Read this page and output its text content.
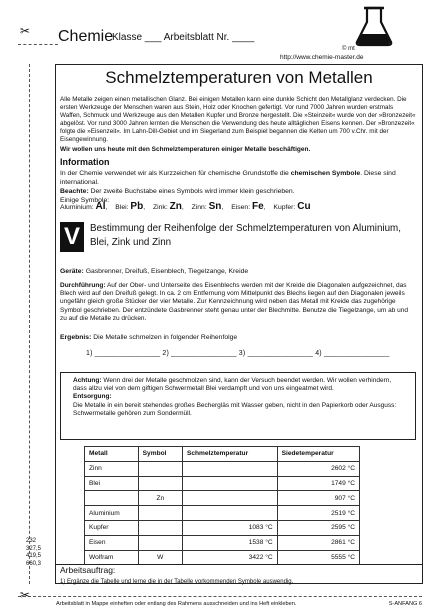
✂
✂
Chemie
Klasse ___ Arbeitsblatt Nr. ____
© mt
http://www.chemie-master.de
Schmelztemperaturen von Metallen
Alle Metalle zeigen einen metallischen Glanz. Bei einigen Metallen kann eine dunkle Schicht den Metallglanz verdecken. Die ersten Werkzeuge der Menschen waren aus Stein, Holz oder Knochen gefertigt. Vor rund 7000 Jahren wurden erstmals Waffen, Schmuck und Werkzeuge aus den Metallen Kupfer und Bronze hergestellt. Die »Steinzeit« wurde von der »Bronzezeit« abgelöst. Vor rund 3000 Jahren lernten die Menschen die Verwendung des heute alltäglichen Eisens kennen. Der »Bronzezeit« folgte die »Eisenzeit«. Im Lahn-Dill-Gebiet und im Siegerland zum Beispiel begannen die Kelten um 700 v.Chr. mit der Eisengewinnung.
Wir wollen uns heute mit den Schmelztemperaturen einiger Metalle beschäftigen.
Information
In der Chemie verwendet wir als Kurzzeichen für chemische Grundstoffe die chemischen Symbole. Diese sind international.
Beachte: Der zweite Buchstabe eines Symbols wird immer klein geschrieben.
Einige Symbole:
Aluminium: Al, Blei: Pb, Zink: Zn, Zinn: Sn, Eisen: Fe, Kupfer: Cu
V	Bestimmung der Reihenfolge der Schmelztemperaturen von Aluminium, Blei, Zink und Zinn
Geräte: Gasbrenner, Dreifuß, Eisenblech, Tiegelzange, Kreide
Durchführung: Auf der Ober- und Unterseite des Eisenblechs werden mit der Kreide die Diagonalen aufgezeichnet, das Blech wird auf den Dreifuß gelegt. In ca. 2 cm Entfernung vom Mittelpunkt des Blechs liegen auf den Diagonalen jeweils ungefähr gleich große Stücker der vier Metalle. Zur Kennzeichnung wird neben das Metall mit Kreide das zugehörige Symbol geschrieben. Der entzündete Gasbrenner steht genau unter der Blechmitte. Benutze die Tiegelzange, um ab und zu auf die Metalle zu drücken.
Ergebnis: Die Metalle schmelzen in folgender Reihenfolge
1) ________________ 2) ________________ 3) ________________ 4) ________________
Achtung: Wenn drei der Metalle geschmolzen sind, kann der Versuch beendet werden. Wir wollen verhindern, dass allzu viel von dem giftigen Schwermetall Blei verdampft und von uns eingeatmet wird.
Entsorgung:
Die Metalle in ein bereit stehendes großes Bechergläs mit Wasser geben, nicht in den Papierkorb oder Ausguss: Schwermetalle gehören zum Sondermüll.
Metall	Symbol	Schmelztemperatur	Siedetemperatur
Zinn			2602 °C
Blei			1749 °C
	Zn		907 °C
Aluminium			2519 °C
Kupfer		1083 °C	2595 °C
Eisen		1538 °C	2861 °C
Wolfram	W	3422 °C	5555 °C
Arbeitsauftrag:
1) Ergänze die Tabelle und lerne die in der Tabelle vorkommenden Symbole auswendig.
232
327,5
419,5
660,3
Arbeitsblatt in Mappe einheften oder entlang des Rahmens ausschneiden und ins Heft einkleben.	S-ANFANG 6
